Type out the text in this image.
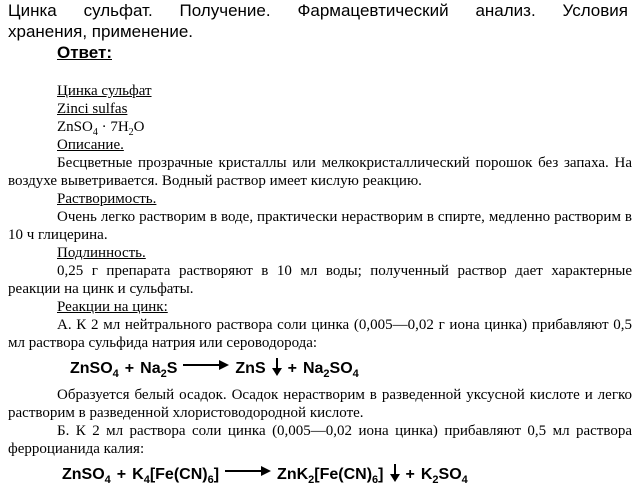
Цинка сульфат. Получение. Фармацевтический анализ. Условия
хранения, применение.
Ответ:
Цинка сульфат
Zinci sulfas
ZnSO$_4$ · $7H_2O$
Описание.
Бесцветные прозрачные кристаллы или мелкокристаллический порошок без запаха. На воздухе выветривается. Водный раствор имеет кислую реакцию.
Растворимость.
Очень легко растворим в воде, практически нерастворим в спирте, медленно растворим в 10 ч глицерина.
Подлинность.
0,25 г препарата растворяют в 10 мл воды; полученный раствор дает характерные реакции на цинк и сульфаты.
Реакции на цинк:
А. К 2 мл нейтрального раствора соли цинка (0,005—0,02 г иона цинка) прибавляют 0,5 мл раствора сульфида натрия или сероводорода:
ZnSO$_4$ + $Na_2S$ → ZnS + $Na_2SO_4$
Образуется белый осадок. Осадок нерастворим в разведенной уксусной кислоте и легко растворим в разведенной хлористоводородной кислоте.
Б. К 2 мл раствора соли цинка (0,005—0,02 иона цинка) прибавляют 0,5 мл раствора ферроцианида калия:
ZnSO$_4$ + $K_4[Fe(CN)_6] \to ZnK_2[Fe(CN)_6] + K_2SO_4$
